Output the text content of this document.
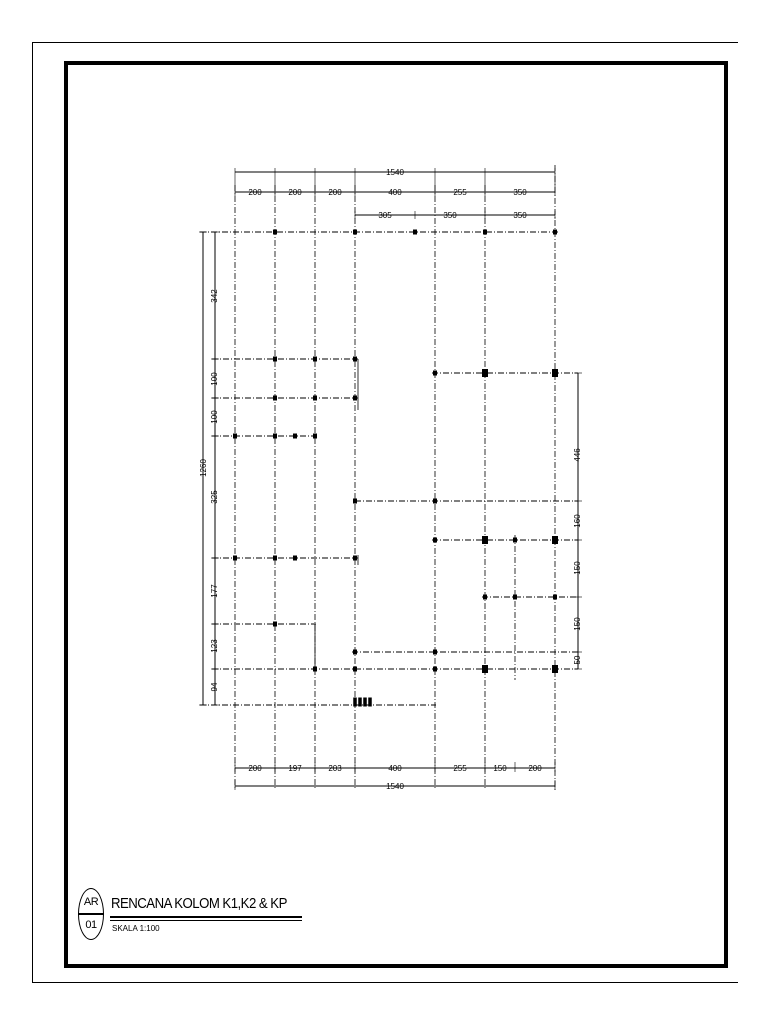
1540
200	200	200	400	255	350
305	350	350
200	197	203	400	255	150	200
1540
1260
342
100
100
325
177
123
94
446
160
150
150
50
AR
01
RENCANA KOLOM K1,K2 & KP
SKALA 1:100
